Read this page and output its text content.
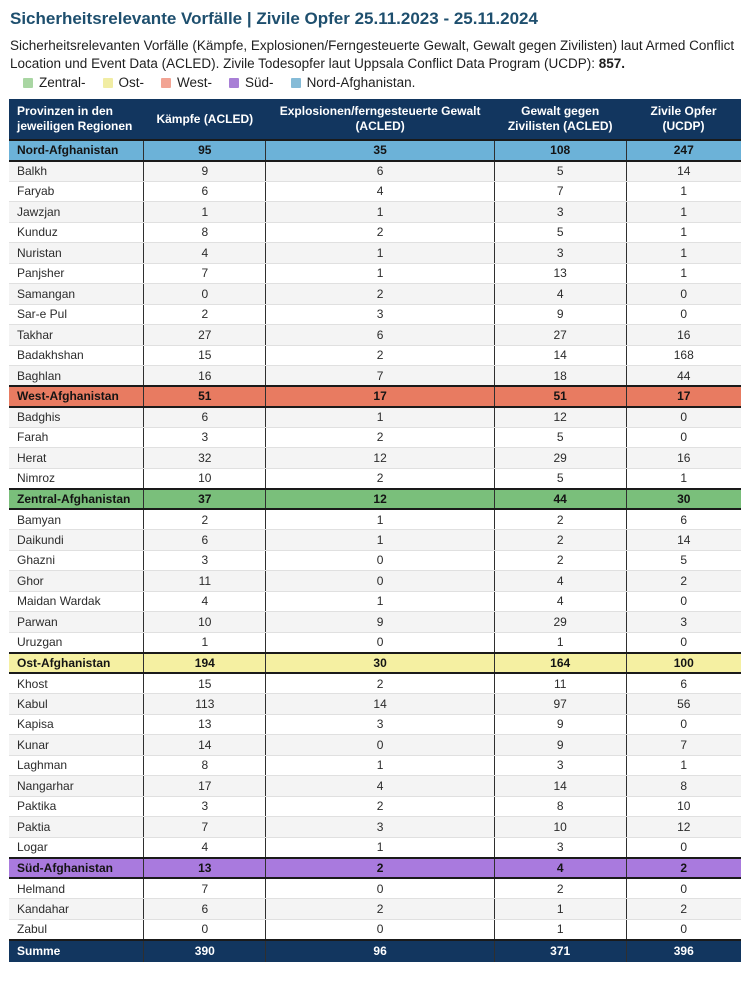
Sicherheitsrelevante Vorfälle | Zivile Opfer 25.11.2023 - 25.11.2024

Sicherheitsrelevanten Vorfälle (Kämpfe, Explosionen/Ferngesteuerte Gewalt, Gewalt gegen Zivilisten) laut Armed Conflict Location und Event Data (ACLED). Zivile Todesopfer laut Uppsala Conflict Data Program (UCDP): 857.

Zentral- Ost- West- Süd- Nord-Afghanistan.
Provinzen in den jeweiligen Regionen	Kämpfe (ACLED)	Explosionen/ferngesteuerte Gewalt (ACLED)	Gewalt gegen Zivilisten (ACLED)	Zivile Opfer (UCDP)
Nord-Afghanistan	95	35	108	247
Balkh	9	6	5	14
Faryab	6	4	7	1
Jawzjan	1	1	3	1
Kunduz	8	2	5	1
Nuristan	4	1	3	1
Panjsher	7	1	13	1
Samangan	0	2	4	0
Sar-e Pul	2	3	9	0
Takhar	27	6	27	16
Badakhshan	15	2	14	168
Baghlan	16	7	18	44
West-Afghanistan	51	17	51	17
Badghis	6	1	12	0
Farah	3	2	5	0
Herat	32	12	29	16
Nimroz	10	2	5	1
Zentral-Afghanistan	37	12	44	30
Bamyan	2	1	2	6
Daikundi	6	1	2	14
Ghazni	3	0	2	5
Ghor	11	0	4	2
Maidan Wardak	4	1	4	0
Parwan	10	9	29	3
Uruzgan	1	0	1	0
Ost-Afghanistan	194	30	164	100
Khost	15	2	11	6
Kabul	113	14	97	56
Kapisa	13	3	9	0
Kunar	14	0	9	7
Laghman	8	1	3	1
Nangarhar	17	4	14	8
Paktika	3	2	8	10
Paktia	7	3	10	12
Logar	4	1	3	0
Süd-Afghanistan	13	2	4	2
Helmand	7	0	2	0
Kandahar	6	2	1	2
Zabul	0	0	1	0
Summe	390	96	371	396
